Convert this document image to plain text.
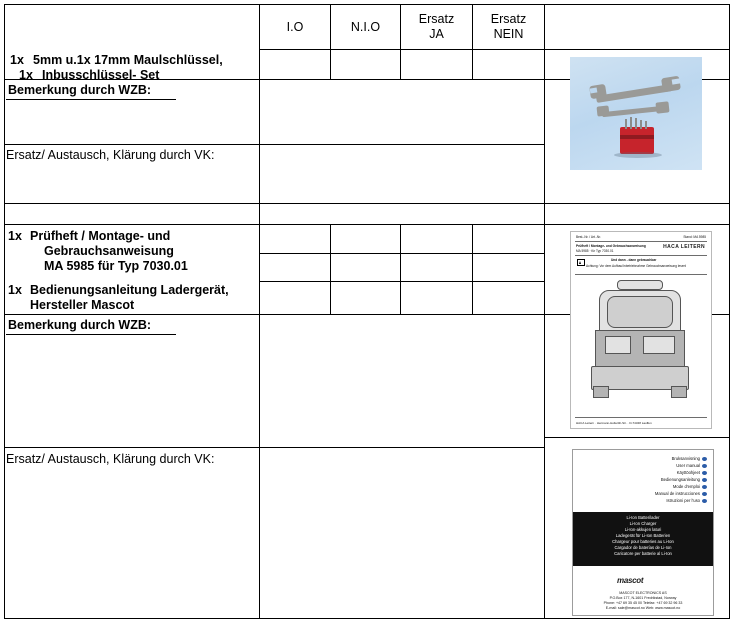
I.O	N.I.O
Ersatz
JA
Ersatz
NEIN
1x 5mm u.1x 17mm Maulschlüssel,
1x Inbusschlüssel- Set
Bemerkung durch WZB:
Ersatz/ Austausch, Klärung durch VK:
1x Prüfheft / Montage- und
Gebrauchsanweisung
MA 5985 für Typ 7030.01
1x Bedienungsanleitung Ladergerät,
Hersteller Mascot
Bemerkung durch WZB:
Ersatz/ Austausch, Klärung durch VK:
Best.-Nr. / Art.-Nr.	Stand: MA 5985
Prüfheft / Montage- und Gebrauchsanweisung
MA 5985 · für Typ 7030.01
HACA LEITERN
Und dann - dann gebrauchbar
Achtung: Vor dem Aufbau/Inbetriebnahme Gebrauchsanweisung lesen!
HACA Leitern · Hermann-Hollerith-Str. · D-74348 Lauffen
Bruksanvisning
User manual
Käyttöohjeet
Bedienungsanleitung
Mode d'emploi
Manual de instrucciones
Istruzioni per l'uso
Li-Ion Batterilader
Li-Ion Charger
Li-Ion-akkujen laturi
Ladegerät für Li-Ion Batterien
Chargeur pour batteries au Li-Ion
Cargador de baterías de Li-Ion
Caricatore per batterie al Li-Ion
mascot
MASCOT ELECTRONICS AS
P.O.Box 177, N-1601 Fredrikstad, Norway
Phone: +47 69 35 45 00 Telefax: +47 69 32 96 33
E-mail: sale@mascot.no Web: www.mascot.no
